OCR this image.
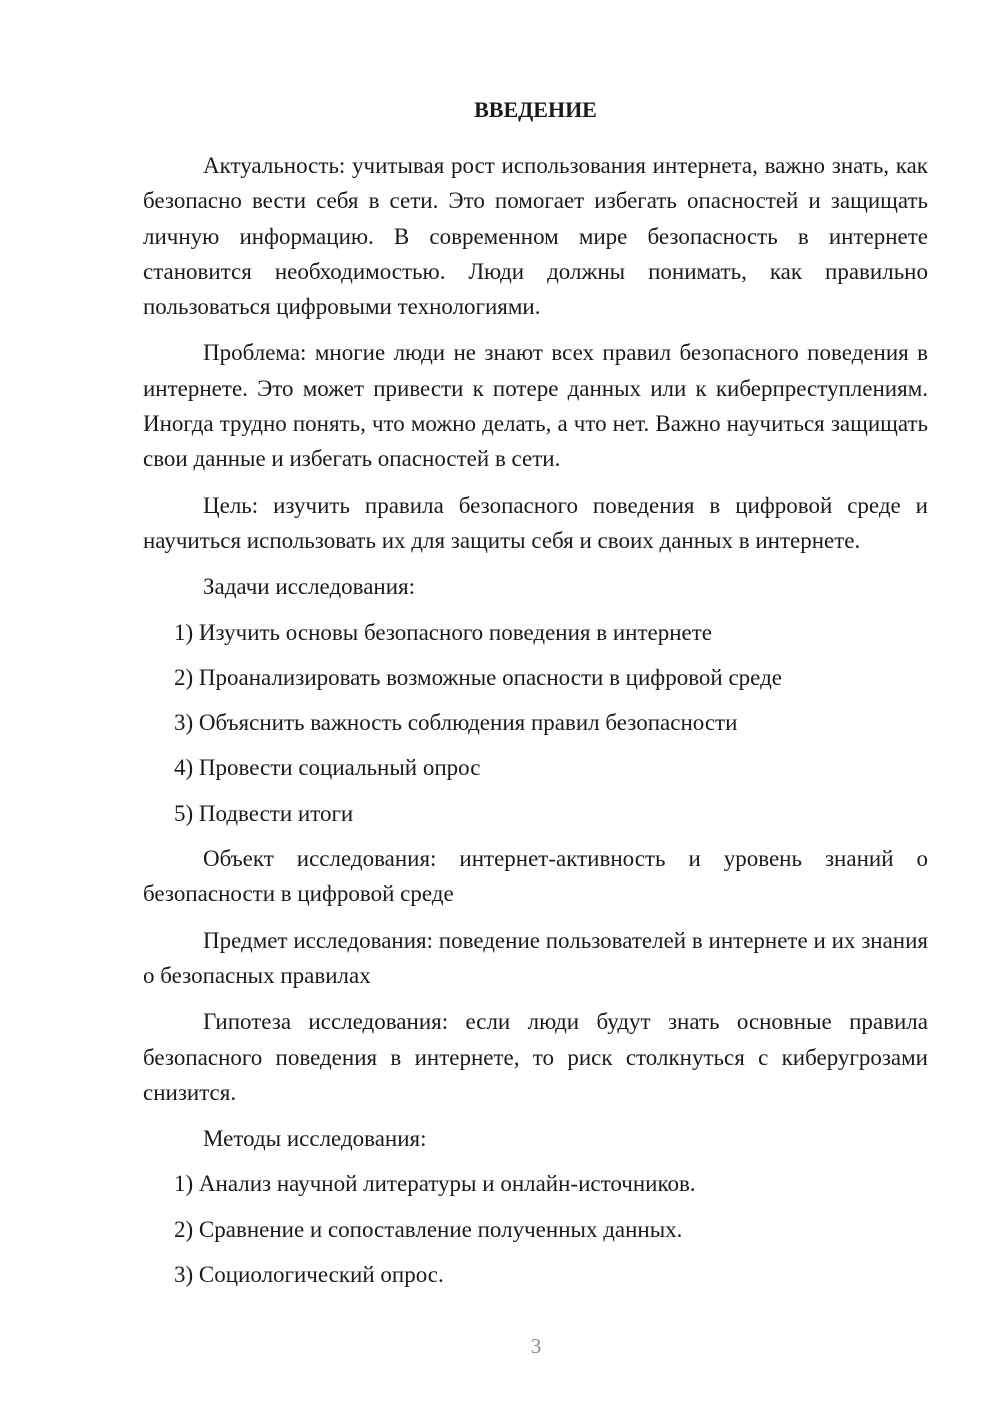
ВВЕДЕНИЕ

Актуальность: учитывая рост использования интернета, важно знать, как безопасно вести себя в сети. Это помогает избегать опасностей и защищать личную информацию. В современном мире безопасность в интернете становится необходимостью. Люди должны понимать, как правильно пользоваться цифровыми технологиями.

Проблема: многие люди не знают всех правил безопасного поведения в интернете. Это может привести к потере данных или к киберпреступлениям. Иногда трудно понять, что можно делать, а что нет. Важно научиться защищать свои данные и избегать опасностей в сети.

Цель: изучить правила безопасного поведения в цифровой среде и научиться использовать их для защиты себя и своих данных в интернете.

Задачи исследования:

1) Изучить основы безопасного поведения в интернете

2) Проанализировать возможные опасности в цифровой среде

3) Объяснить важность соблюдения правил безопасности

4) Провести социальный опрос

5) Подвести итоги

Объект исследования: интернет-активность и уровень знаний о безопасности в цифровой среде

Предмет исследования: поведение пользователей в интернете и их знания о безопасных правилах

Гипотеза исследования: если люди будут знать основные правила безопасного поведения в интернете, то риск столкнуться с киберугрозами снизится.

Методы исследования:

1) Анализ научной литературы и онлайн-источников.

2) Сравнение и сопоставление полученных данных.

3) Социологический опрос.

3
